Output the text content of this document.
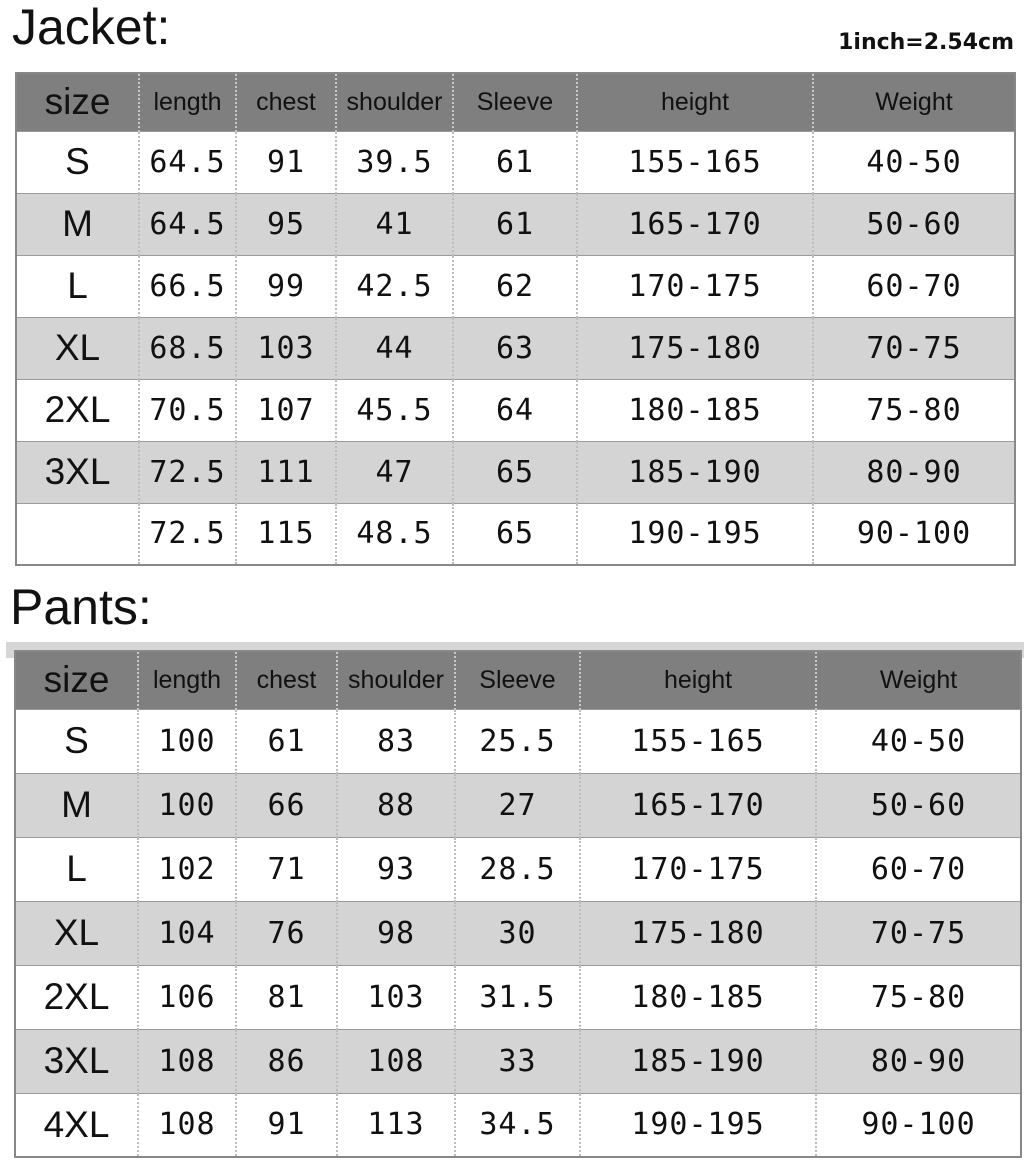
Jacket:	1inch=2.54cm
size	length	chest	shoulder	Sleeve	height	Weight
S	64.5	91	39.5	61	155-165	40-50
M	64.5	95	41	61	165-170	50-60
L	66.5	99	42.5	62	170-175	60-70
XL	68.5	103	44	63	175-180	70-75
2XL	70.5	107	45.5	64	180-185	75-80
3XL	72.5	111	47	65	185-190	80-90
	72.5	115	48.5	65	190-195	90-100
Pants:
size	length	chest	shoulder	Sleeve	height	Weight
S	100	61	83	25.5	155-165	40-50
M	100	66	88	27	165-170	50-60
L	102	71	93	28.5	170-175	60-70
XL	104	76	98	30	175-180	70-75
2XL	106	81	103	31.5	180-185	75-80
3XL	108	86	108	33	185-190	80-90
4XL	108	91	113	34.5	190-195	90-100
